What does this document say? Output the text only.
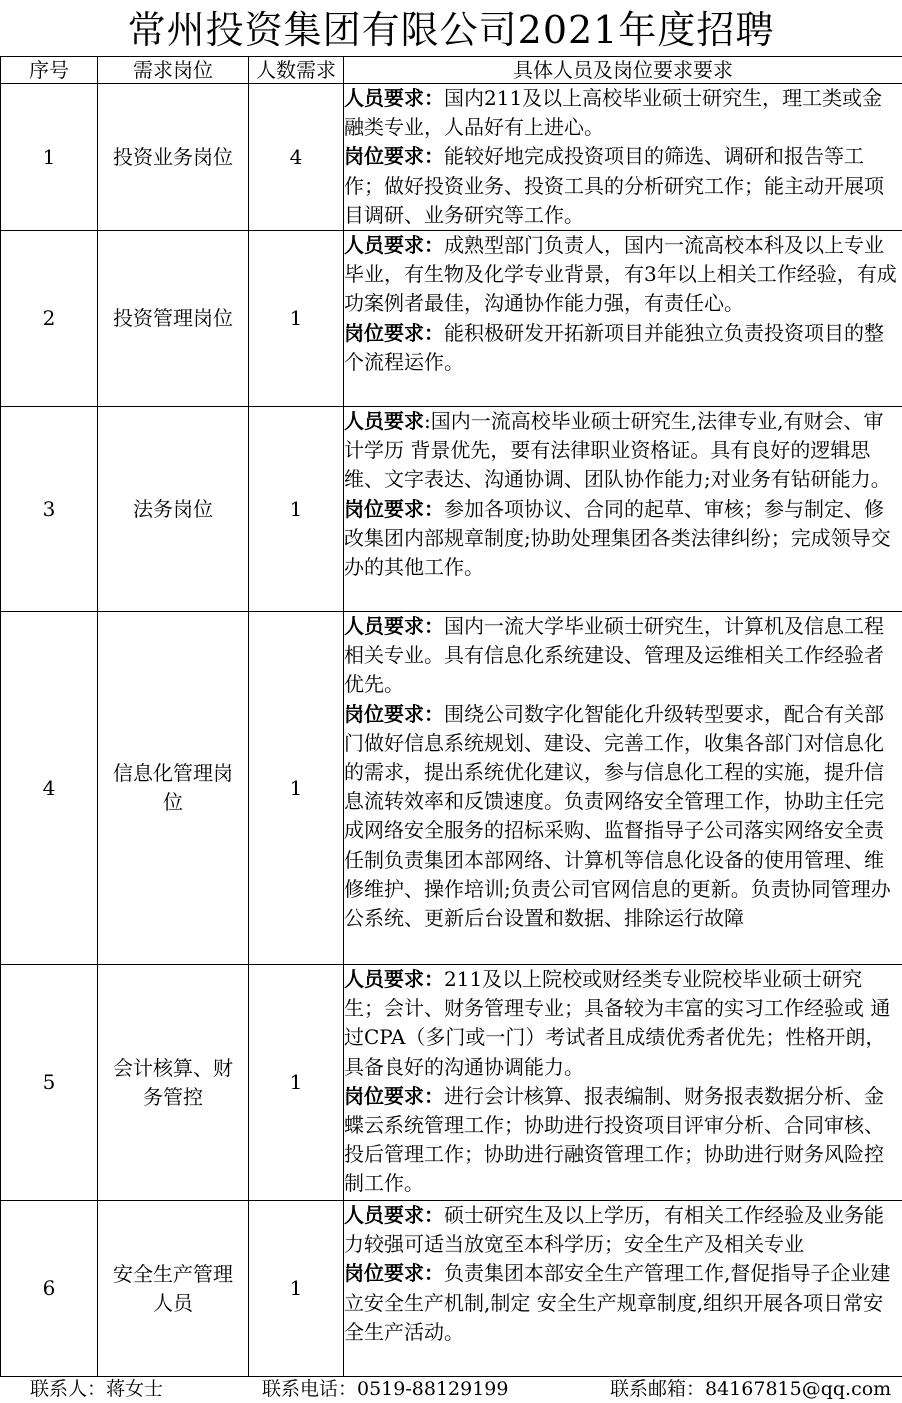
常州投资集团有限公司2021年度招聘
序号	需求岗位	人数需求	具体人员及岗位要求要求
1	投资业务岗位	4	人员要求：国内211及以上高校毕业硕士研究生，理工类或金融类专业，人品好有上进心。
岗位要求：能较好地完成投资项目的筛选、调研和报告等工作；做好投资业务、投资工具的分析研究工作；能主动开展项目调研、业务研究等工作。

2	投资管理岗位	1	人员要求：成熟型部门负责人，国内一流高校本科及以上专业毕业，有生物及化学专业背景，有3年以上相关工作经验，有成功案例者最佳，沟通协作能力强，有责任心。
岗位要求：能积极研发开拓新项目并能独立负责投资项目的整个流程运作。

3	法务岗位	1	人员要求:国内一流高校毕业硕士研究生,法律专业,有财会、审计学历 背景优先，要有法律职业资格证。具有良好的逻辑思维、文字表达、沟通协调、团队协作能力;对业务有钻研能力。
岗位要求：参加各项协议、合同的起草、审核；参与制定、修改集团内部规章制度;协助处理集团各类法律纠纷；完成领导交办的其他工作。

4	信息化管理岗位	1	人员要求：国内一流大学毕业硕士研究生，计算机及信息工程相关专业。具有信息化系统建设、管理及运维相关工作经验者优先。
岗位要求：围绕公司数字化智能化升级转型要求，配合有关部门做好信息系统规划、建设、完善工作，收集各部门对信息化的需求，提出系统优化建议，参与信息化工程的实施，提升信息流转效率和反馈速度。负责网络安全管理工作，协助主任完成网络安全服务的招标采购、监督指导子公司落实网络安全责任制负责集团本部网络、计算机等信息化设备的使用管理、维修维护、操作培训;负责公司官网信息的更新。负责协同管理办公系统、更新后台设置和数据、排除运行故障

5	会计核算、财务管控	1	人员要求：211及以上院校或财经类专业院校毕业硕士研究生；会计、财务管理专业；具备较为丰富的实习工作经验或 通过CPA（多门或一门）考试者且成绩优秀者优先；性格开朗，具备良好的沟通协调能力。
岗位要求：进行会计核算、报表编制、财务报表数据分析、金蝶云系统管理工作；协助进行投资项目评审分析、合同审核、投后管理工作；协助进行融资管理工作；协助进行财务风险控制工作。

6	安全生产管理人员	1	人员要求：硕士研究生及以上学历，有相关工作经验及业务能力较强可适当放宽至本科学历；安全生产及相关专业
岗位要求：负责集团本部安全生产管理工作,督促指导子企业建立安全生产机制,制定 安全生产规章制度,组织开展各项日常安全生产活动。
联系人：蒋女士	联系电话：0519-88129199	联系邮箱：84167815@qq.com
